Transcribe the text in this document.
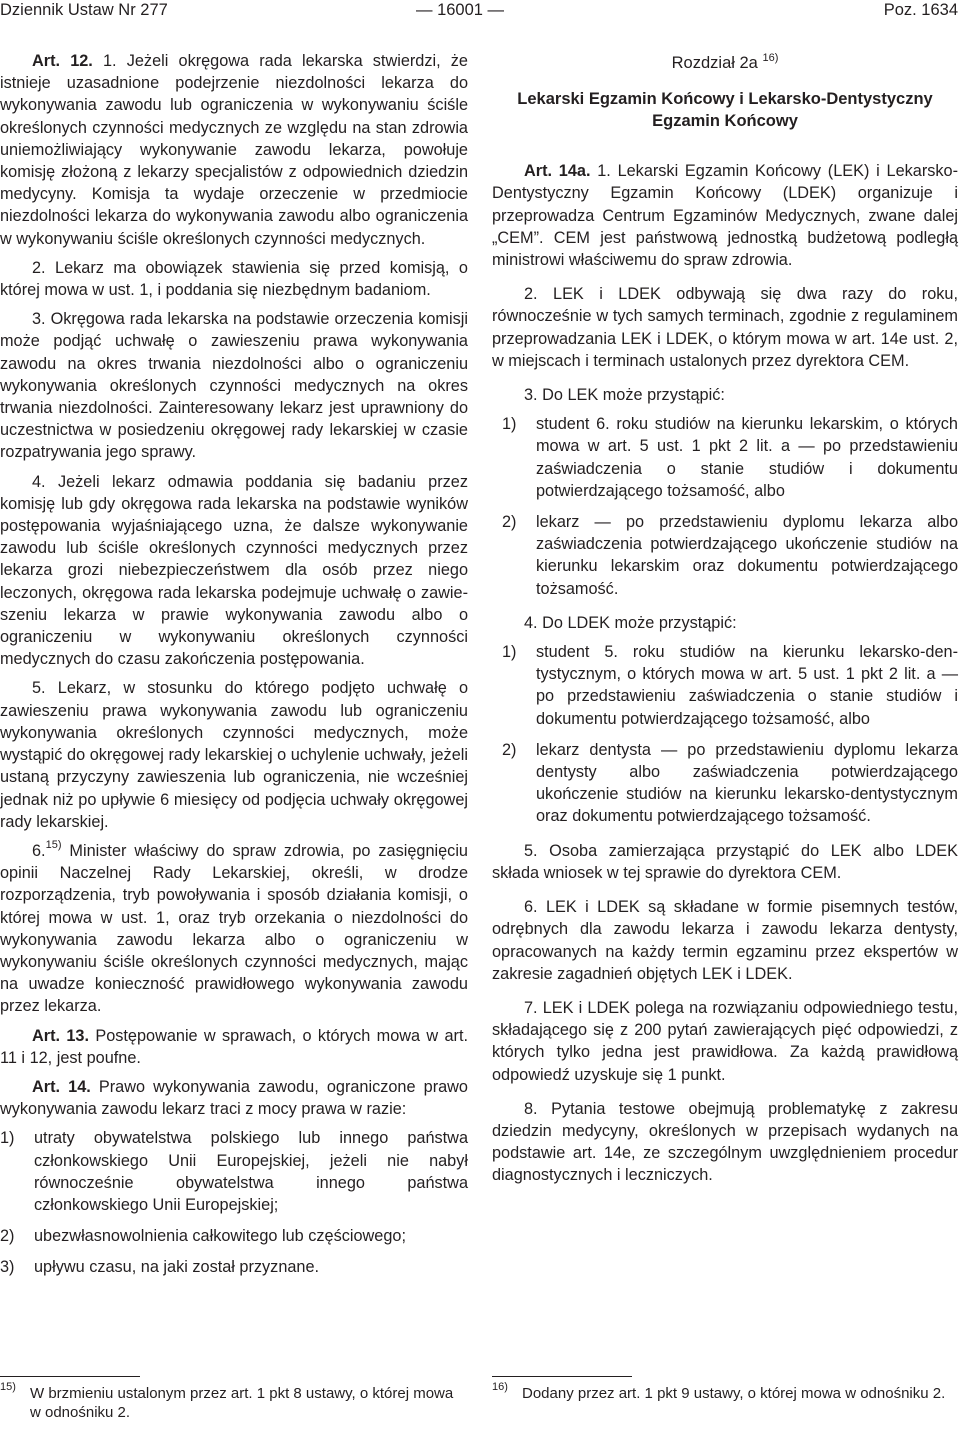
Dziennik Ustaw Nr 277	— 16001 —	Poz. 1634

Art. 12. 1. Jeżeli okręgowa rada lekarska stwierdzi, że istnieje uzasadnione podejrzenie niezdolności lekarza do wykonywania zawodu lub ograniczenia w wykonywaniu ściśle określonych czynności medycznych ze względu na stan zdrowia uniemożliwiający wykonywanie zawodu lekarza, powołuje komisję złożoną z lekarzy specjalistów z odpowiednich dziedzin medycyny. Komisja ta wydaje orzeczenie w przedmiocie niezdolności lekarza do wykonywania zawodu albo ograniczenia w wykonywaniu ściśle określonych czynności medycznych.

2. Lekarz ma obowiązek stawienia się przed komisją, o której mowa w ust. 1, i poddania się niezbędnym badaniom.

3. Okręgowa rada lekarska na podstawie orzeczenia komisji może podjąć uchwałę o zawieszeniu prawa wykonywania zawodu na okres trwania niezdolności albo o ograniczeniu wykonywania określonych czynności medycznych na okres trwania niezdolności. Zainteresowany lekarz jest uprawniony do uczestnictwa w posiedzeniu okręgowej rady lekarskiej w czasie rozpatrywania jego sprawy.

4. Jeżeli lekarz odmawia poddania się badaniu przez komisję lub gdy okręgowa rada lekarska na podstawie wyników postępowania wyjaśniającego uzna, że dalsze wykonywanie zawodu lub ściśle określonych czynności medycznych przez lekarza grozi niebezpieczeństwem dla osób przez niego leczonych, okręgowa rada lekarska podejmuje uchwałę o zawieszeniu lekarza w prawie wykonywania zawodu albo o ograniczeniu w wykonywaniu określonych czynności medycznych do czasu zakończenia postępowania.

5. Lekarz, w stosunku do którego podjęto uchwałę o zawieszeniu prawa wykonywania zawodu lub ograniczeniu wykonywania określonych czynności medycznych, może wystąpić do okręgowej rady lekarskiej o uchylenie uchwały, jeżeli ustaną przyczyny zawieszenia lub ograniczenia, nie wcześniej jednak niż po upływie 6 miesięcy od podjęcia uchwały okręgowej rady lekarskiej.

6.$^{15)}$ Minister właściwy do spraw zdrowia, po zasięgnięciu opinii Naczelnej Rady Lekarskiej, określi, w drodze rozporządzenia, tryb powoływania i sposób działania komisji, o której mowa w ust. 1, oraz tryb orzekania o niezdolności do wykonywania zawodu lekarza albo o ograniczeniu w wykonywaniu ściśle określonych czynności medycznych, mając na uwadze konieczność prawidłowego wykonywania zawodu przez lekarza.

Art. 13. Postępowanie w sprawach, o których mowa w art. 11 i 12, jest poufne.

Art. 14. Prawo wykonywania zawodu, ograniczone prawo wykonywania zawodu lekarz traci z mocy prawa w razie:

1)	utraty obywatelstwa polskiego lub innego państwa członkowskiego Unii Europejskiej, jeżeli nie nabył równocześnie obywatelstwa innego państwa członkowskiego Unii Europejskiej;
2)	ubezwłasnowolnienia całkowitego lub częściowego;
3)	upływu czasu, na jaki został przyznane.
$^{15)}$ W brzmieniu ustalonym przez art. 1 pkt 8 ustawy, o której mowa w odnośniku 2.
Rozdział 2a $^{16)}$
Lekarski Egzamin Końcowy i Lekarsko-Dentystyczny Egzamin Końcowy

Art. 14a. 1. Lekarski Egzamin Końcowy (LEK) i Lekarsko-Dentystyczny Egzamin Końcowy (LDEK) organizuje i przeprowadza Centrum Egzaminów Medycznych, zwane dalej „CEM”. CEM jest państwową jednostką budżetową podległą ministrowi właściwemu do spraw zdrowia.

2. LEK i LDEK odbywają się dwa razy do roku, równocześnie w tych samych terminach, zgodnie z regulaminem przeprowadzania LEK i LDEK, o którym mowa w art. 14e ust. 2, w miejscach i terminach ustalonych przez dyrektora CEM.

3. Do LEK może przystąpić:

1)	student 6. roku studiów na kierunku lekarskim, o których mowa w art. 5 ust. 1 pkt 2 lit. a — po przedstawieniu zaświadczenia o stanie studiów i dokumentu potwierdzającego tożsamość, albo
2)	lekarz — po przedstawieniu dyplomu lekarza albo zaświadczenia potwierdzającego ukończenie studiów na kierunku lekarskim oraz dokumentu potwierdzającego tożsamość.

4. Do LDEK może przystąpić:

1)	student 5. roku studiów na kierunku lekarsko-dentystycznym, o których mowa w art. 5 ust. 1 pkt 2 lit. a — po przedstawieniu zaświadczenia o stanie studiów i dokumentu potwierdzającego tożsamość, albo
2)	lekarz dentysta — po przedstawieniu dyplomu lekarza dentysty albo zaświadczenia potwierdzającego ukończenie studiów na kierunku lekarsko-dentystycznym oraz dokumentu potwierdzającego tożsamość.

5. Osoba zamierzająca przystąpić do LEK albo LDEK składa wniosek w tej sprawie do dyrektora CEM.

6. LEK i LDEK są składane w formie pisemnych testów, odrębnych dla zawodu lekarza i zawodu lekarza dentysty, opracowanych na każdy termin egzaminu przez ekspertów w zakresie zagadnień objętych LEK i LDEK.

7. LEK i LDEK polega na rozwiązaniu odpowiedniego testu, składającego się z 200 pytań zawierających pięć odpowiedzi, z których tylko jedna jest prawidłowa. Za każdą prawidłową odpowiedź uzyskuje się 1 punkt.

8. Pytania testowe obejmują problematykę z zakresu dziedzin medycyny, określonych w przepisach wydanych na podstawie art. 14e, ze szczególnym uwzględnieniem procedur diagnostycznych i leczniczych.

$^{16)}$ Dodany przez art. 1 pkt 9 ustawy, o której mowa w odnośniku 2.
